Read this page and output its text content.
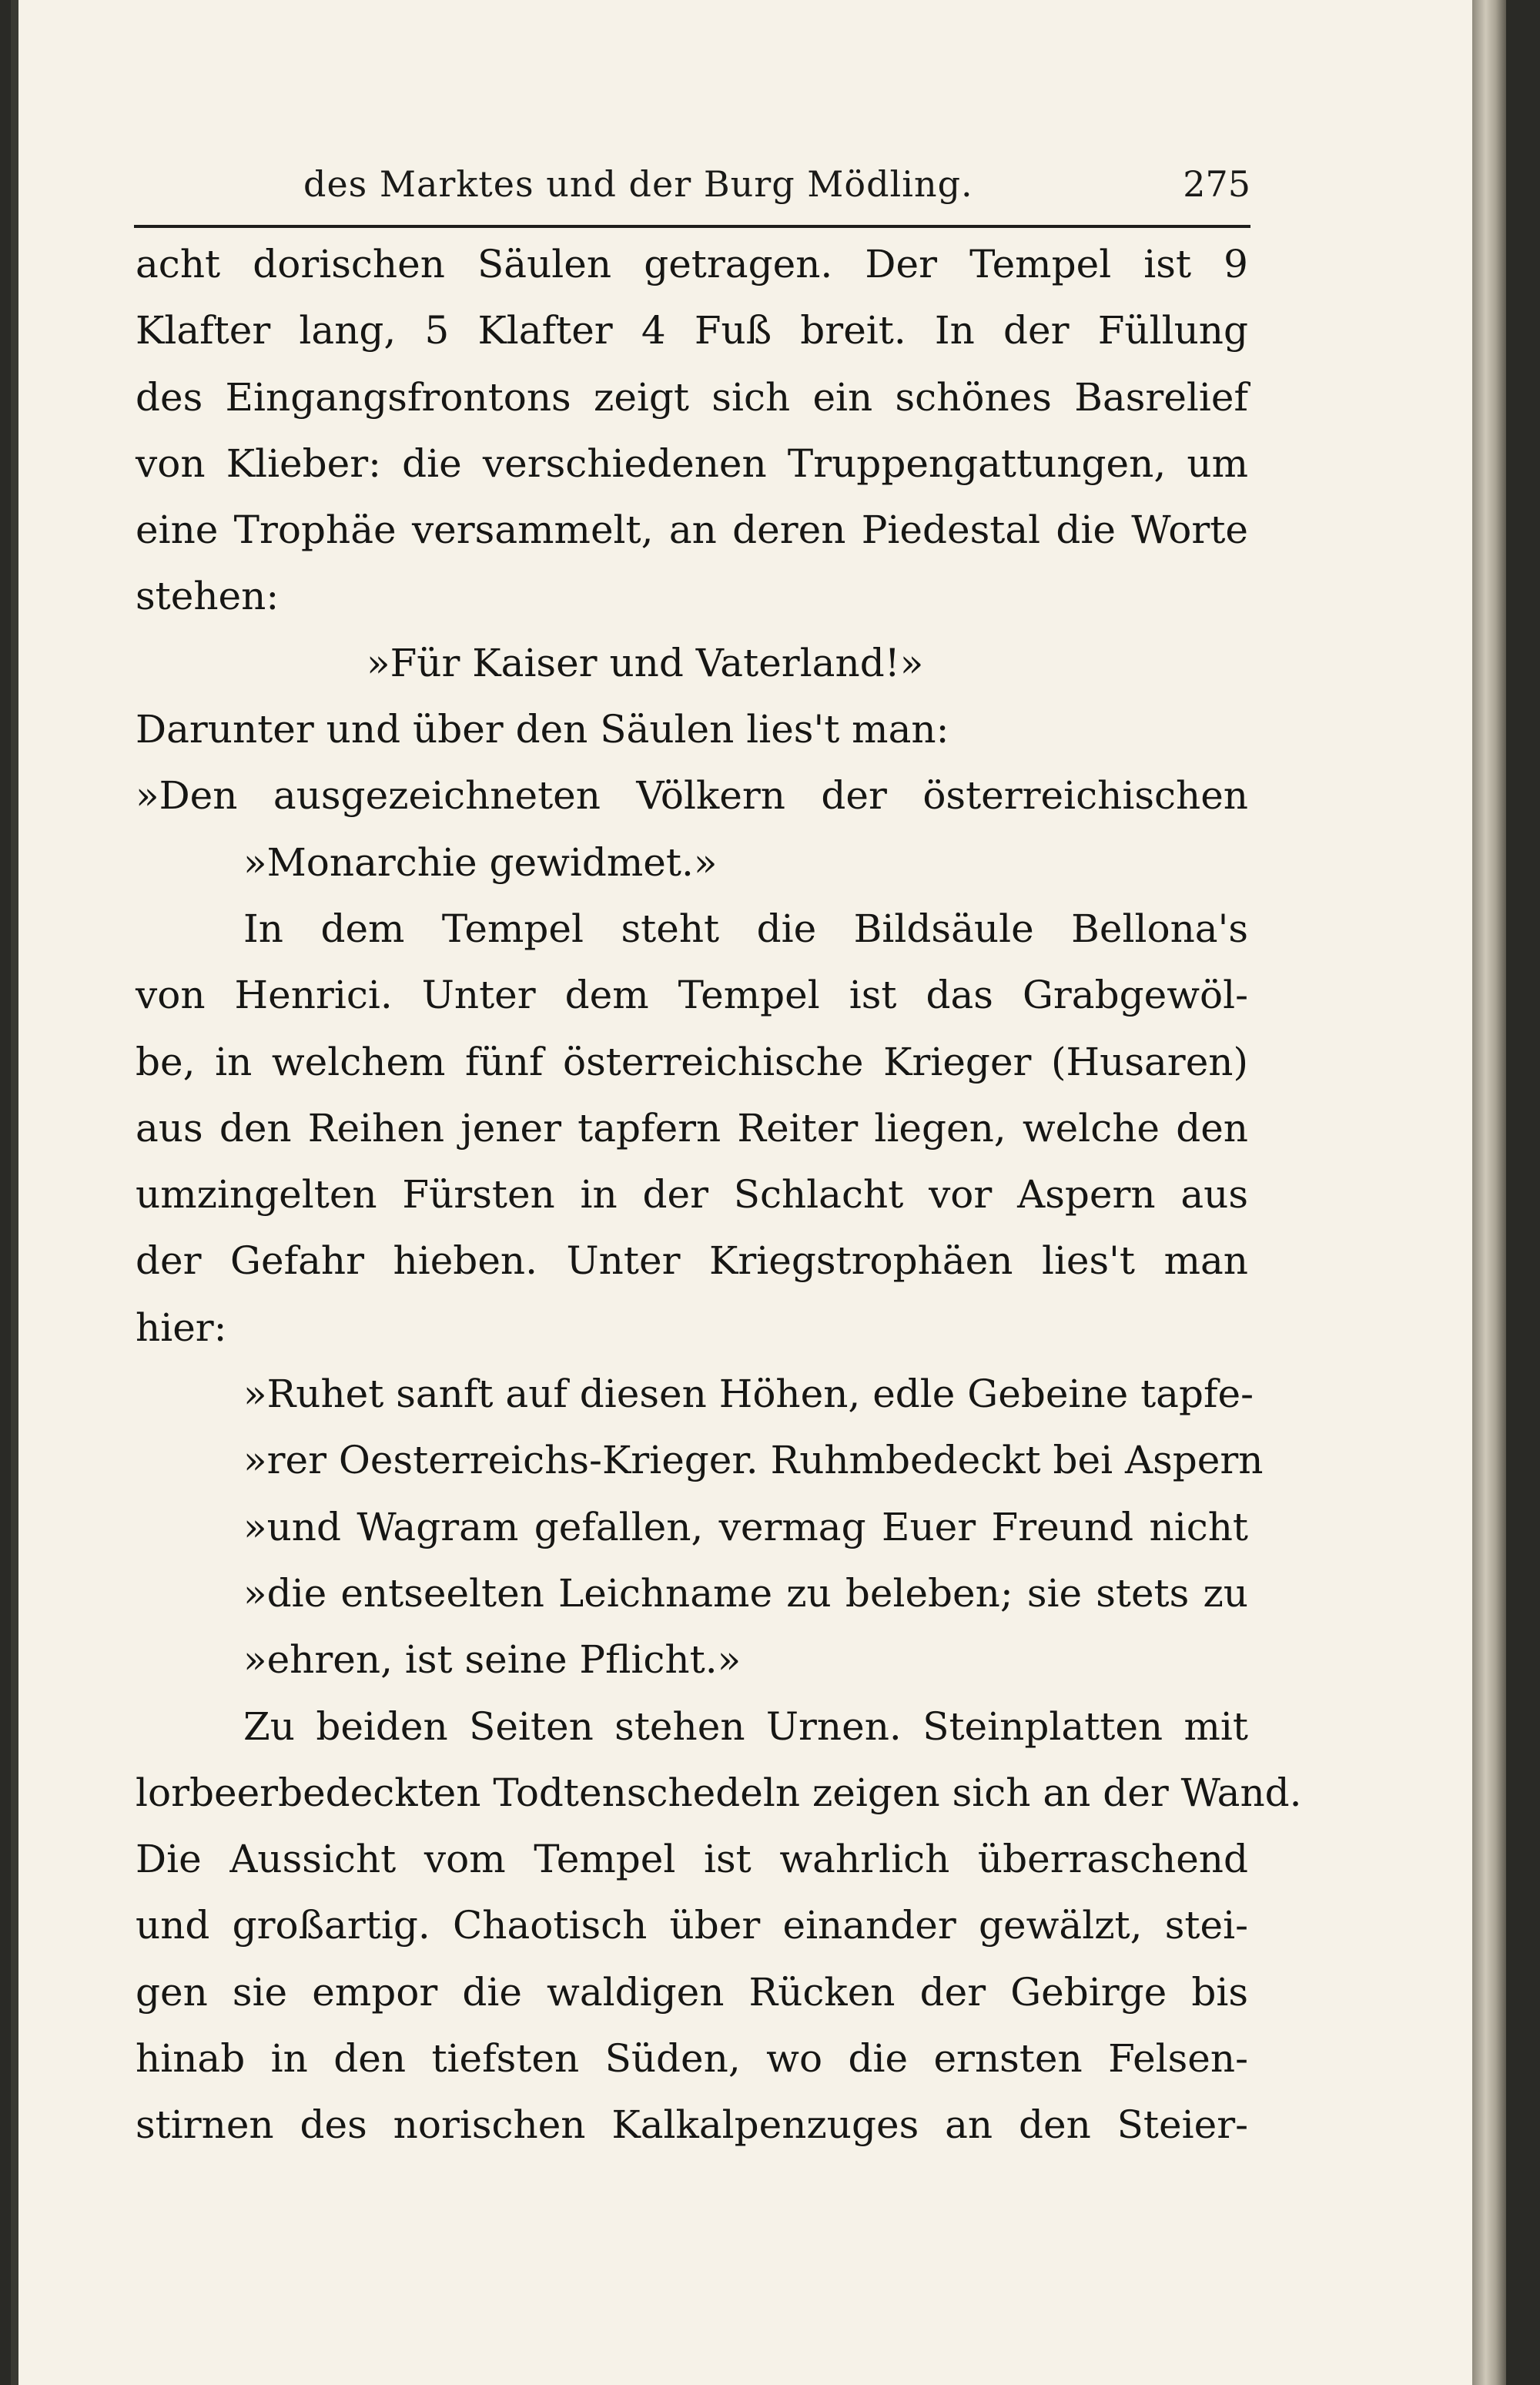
des Marktes und der Burg Mödling.	275
acht dorischen Säulen getragen. Der Tempel ist 9
Klafter lang, 5 Klafter 4 Fuß breit. In der Füllung
des Eingangsfrontons zeigt sich ein schönes Basrelief
von Klieber: die verschiedenen Truppengattungen, um
eine Trophäe versammelt, an deren Piedestal die Worte
stehen:
»Für Kaiser und Vaterland!»
Darunter und über den Säulen lies't man:
»Den ausgezeichneten Völkern der österreichischen
»Monarchie gewidmet.»
In dem Tempel steht die Bildsäule Bellona's
von Henrici. Unter dem Tempel ist das Grabgewöl-
be, in welchem fünf österreichische Krieger (Husaren)
aus den Reihen jener tapfern Reiter liegen, welche den
umzingelten Fürsten in der Schlacht vor Aspern aus
der Gefahr hieben. Unter Kriegstrophäen lies't man
hier:
»Ruhet sanft auf diesen Höhen, edle Gebeine tapfe-
»rer Oesterreichs-Krieger. Ruhmbedeckt bei Aspern
»und Wagram gefallen, vermag Euer Freund nicht
»die entseelten Leichname zu beleben; sie stets zu
»ehren, ist seine Pflicht.»
Zu beiden Seiten stehen Urnen. Steinplatten mit
lorbeerbedeckten Todtenschedeln zeigen sich an der Wand.
Die Aussicht vom Tempel ist wahrlich überraschend
und großartig. Chaotisch über einander gewälzt, stei-
gen sie empor die waldigen Rücken der Gebirge bis
hinab in den tiefsten Süden, wo die ernsten Felsen-
stirnen des norischen Kalkalpenzuges an den Steier-
